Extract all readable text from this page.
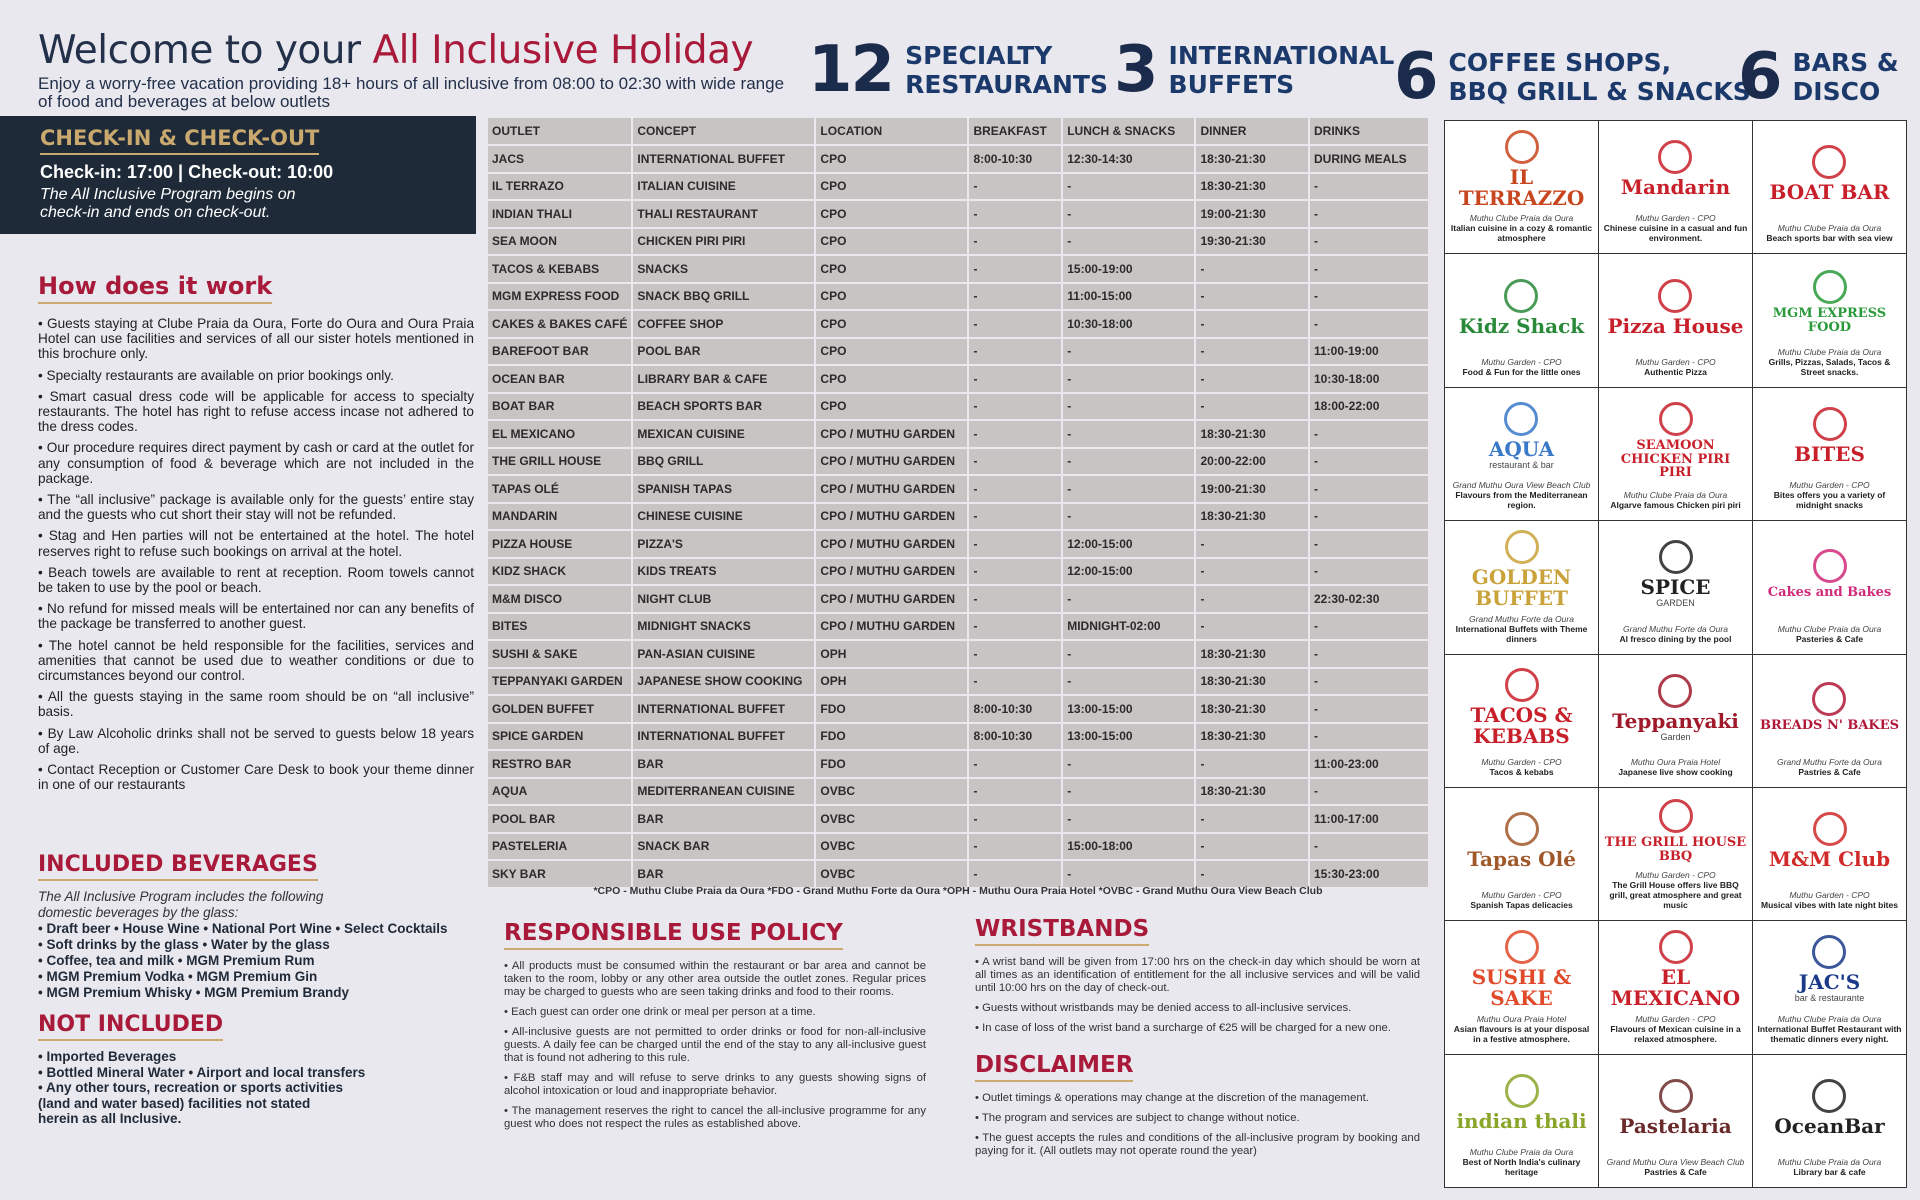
Welcome to your All Inclusive Holiday

Enjoy a worry-free vacation providing 18+ hours of all inclusive from 08:00 to 02:30 with wide range of food and beverages at below outlets	12 SPECIALTY
RESTAURANTS 3 INTERNATIONAL
BUFFETS	6 COFFEE SHOPS,
BBQ GRILL & SNACKS
6 BARS &
DISCO
CHECK-IN & CHECK-OUT
Check-in: 17:00 | Check-out: 10:00
The All Inclusive Program begins on check-in and ends on check-out.
How does it work
• Guests staying at Clube Praia da Oura, Forte do Oura and Oura Praia Hotel can use facilities and services of all our sister hotels mentioned in this brochure only.
• Specialty restaurants are available on prior bookings only.
• Smart casual dress code will be applicable for access to specialty restaurants. The hotel has right to refuse access incase not adhered to the dress codes.
• Our procedure requires direct payment by cash or card at the outlet for any consumption of food & beverage which are not included in the package.
• The “all inclusive” package is available only for the guests’ entire stay and the guests who cut short their stay will not be refunded.
• Stag and Hen parties will not be entertained at the hotel. The hotel reserves right to refuse such bookings on arrival at the hotel.
• Beach towels are available to rent at reception. Room towels cannot be taken to use by the pool or beach.
• No refund for missed meals will be entertained nor can any benefits of the package be transferred to another guest.
• The hotel cannot be held responsible for the facilities, services and amenities that cannot be used due to weather conditions or due to circumstances beyond our control.
• All the guests staying in the same room should be on “all inclusive” basis.
• By Law Alcoholic drinks shall not be served to guests below 18 years of age.
• Contact Reception or Customer Care Desk to book your theme dinner in one of our restaurants
INCLUDED BEVERAGES
The All Inclusive Program includes the following domestic beverages by the glass:
• Draft beer • House Wine • National Port Wine • Select Cocktails
• Soft drinks by the glass • Water by the glass
• Coffee, tea and milk • MGM Premium Rum
• MGM Premium Vodka • MGM Premium Gin
• MGM Premium Whisky • MGM Premium Brandy
NOT INCLUDED
• Imported Beverages
• Bottled Mineral Water • Airport and local transfers
• Any other tours, recreation or sports activities
(land and water based) facilities not stated
herein as all Inclusive.
OUTLET	CONCEPT	LOCATION	BREAKFAST	LUNCH & SNACKS	DINNER	DRINKS
JACS	INTERNATIONAL BUFFET	CPO	8:00-10:30	12:30-14:30	18:30-21:30	DURING MEALS
IL TERRAZO	ITALIAN CUISINE	CPO	-	-	18:30-21:30	-
INDIAN THALI	THALI RESTAURANT	CPO	-	-	19:00-21:30	-
SEA MOON	CHICKEN PIRI PIRI	CPO	-	-	19:30-21:30	-
TACOS & KEBABS	SNACKS	CPO	-	15:00-19:00	-	-
MGM EXPRESS FOOD	SNACK BBQ GRILL	CPO	-	11:00-15:00	-	-
CAKES & BAKES CAFÉ	COFFEE SHOP	CPO	-	10:30-18:00	-	-
BAREFOOT BAR	POOL BAR	CPO	-	-	-	11:00-19:00
OCEAN BAR	LIBRARY BAR & CAFE	CPO	-	-	-	10:30-18:00
BOAT BAR	BEACH SPORTS BAR	CPO	-	-	-	18:00-22:00
EL MEXICANO	MEXICAN CUISINE	CPO / MUTHU GARDEN	-	-	18:30-21:30	-
THE GRILL HOUSE	BBQ GRILL	CPO / MUTHU GARDEN	-	-	20:00-22:00	-
TAPAS OLÉ	SPANISH TAPAS	CPO / MUTHU GARDEN	-	-	19:00-21:30	-
MANDARIN	CHINESE CUISINE	CPO / MUTHU GARDEN	-	-	18:30-21:30	-
PIZZA HOUSE	PIZZA'S	CPO / MUTHU GARDEN	-	12:00-15:00	-	-
KIDZ SHACK	KIDS TREATS	CPO / MUTHU GARDEN	-	12:00-15:00	-	-
M&M DISCO	NIGHT CLUB	CPO / MUTHU GARDEN	-	-	-	22:30-02:30
BITES	MIDNIGHT SNACKS	CPO / MUTHU GARDEN	-	MIDNIGHT-02:00	-	-
SUSHI & SAKE	PAN-ASIAN CUISINE	OPH	-	-	18:30-21:30	-
TEPPANYAKI GARDEN	JAPANESE SHOW COOKING	OPH	-	-	18:30-21:30	-
GOLDEN BUFFET	INTERNATIONAL BUFFET	FDO	8:00-10:30	13:00-15:00	18:30-21:30	-
SPICE GARDEN	INTERNATIONAL BUFFET	FDO	8:00-10:30	13:00-15:00	18:30-21:30	-
RESTRO BAR	BAR	FDO	-	-	-	11:00-23:00
AQUA	MEDITERRANEAN CUISINE	OVBC	-	-	18:30-21:30	-
POOL BAR	BAR	OVBC	-	-	-	11:00-17:00
PASTELERIA	SNACK BAR	OVBC	-	15:00-18:00	-	-
SKY BAR	BAR	OVBC	-	-	-	15:30-23:00
*CPO - Muthu Clube Praia da Oura *FDO - Grand Muthu Forte da Oura *OPH - Muthu Oura Praia Hotel *OVBC - Grand Muthu Oura View Beach Club
RESPONSIBLE USE POLICY
• All products must be consumed within the restaurant or bar area and cannot be taken to the room, lobby or any other area outside the outlet zones. Regular prices may be charged to guests who are seen taking drinks and food to their rooms.
• Each guest can order one drink or meal per person at a time.
• All-inclusive guests are not permitted to order drinks or food for non-all-inclusive guests. A daily fee can be charged until the end of the stay to any all-inclusive guest that is found not adhering to this rule.
• F&B staff may and will refuse to serve drinks to any guests showing signs of alcohol intoxication or loud and inappropriate behavior.
• The management reserves the right to cancel the all-inclusive programme for any guest who does not respect the rules as established above.
WRISTBANDS
• A wrist band will be given from 17:00 hrs on the check-in day which should be worn at all times as an identification of entitlement for the all inclusive services and will be valid until 10:00 hrs on the day of check-out.
• Guests without wristbands may be denied access to all-inclusive services.
• In case of loss of the wrist band a surcharge of €25 will be charged for a new one.
DISCLAIMER
• Outlet timings & operations may change at the discretion of the management.
• The program and services are subject to change without notice.
• The guest accepts the rules and conditions of the all-inclusive program by booking and paying for it. (All outlets may not operate round the year)
IL TERRAZZO
Muthu Clube Praia da Oura
Italian cuisine in a cozy & romantic atmosphere
Mandarin
Muthu Garden - CPO
Chinese cuisine in a casual and fun environment.
BOAT BAR
Muthu Clube Praia da Oura
Beach sports bar with sea view
Kidz Shack
Muthu Garden - CPO
Food & Fun for the little ones
Pizza House
Muthu Garden - CPO
Authentic Pizza
MGM EXPRESS FOOD
Muthu Clube Praia da Oura
Grills, Pizzas, Salads, Tacos & Street snacks.
AQUA
restaurant & bar
Grand Muthu Oura View Beach Club
Flavours from the Mediterranean region.
SEAMOON CHICKEN PIRI PIRI
Muthu Clube Praia da Oura
Algarve famous Chicken piri piri
BITES
Muthu Garden - CPO
Bites offers you a variety of midnight snacks
GOLDEN BUFFET
Grand Muthu Forte da Oura
International Buffets with Theme dinners
SPICE
GARDEN
Grand Muthu Forte da Oura
Al fresco dining by the pool
Cakes and Bakes
Muthu Clube Praia da Oura
Pasteries & Cafe
TACOS & KEBABS
Muthu Garden - CPO
Tacos & kebabs
Teppanyaki
Garden
Muthu Oura Praia Hotel
Japanese live show cooking
BREADS N' BAKES
Grand Muthu Forte da Oura
Pastries & Cafe
Tapas Olé
Muthu Garden - CPO
Spanish Tapas delicacies
THE GRILL HOUSE BBQ
Muthu Garden - CPO
The Grill House offers live BBQ grill, great atmosphere and great music
M&M Club
Muthu Garden - CPO
Musical vibes with late night bites
SUSHI & SAKE
Muthu Oura Praia Hotel
Asian flavours is at your disposal in a festive atmosphere.
EL MEXICANO
Muthu Garden - CPO
Flavours of Mexican cuisine in a relaxed atmosphere.
JAC'S
bar & restaurante
Muthu Clube Praia da Oura
International Buffet Restaurant with thematic dinners every night.
indian thali
Muthu Clube Praia da Oura
Best of North India's culinary heritage
Pastelaria
Grand Muthu Oura View Beach Club
Pastries & Cafe
OceanBar
Muthu Clube Praia da Oura
Library bar & cafe
